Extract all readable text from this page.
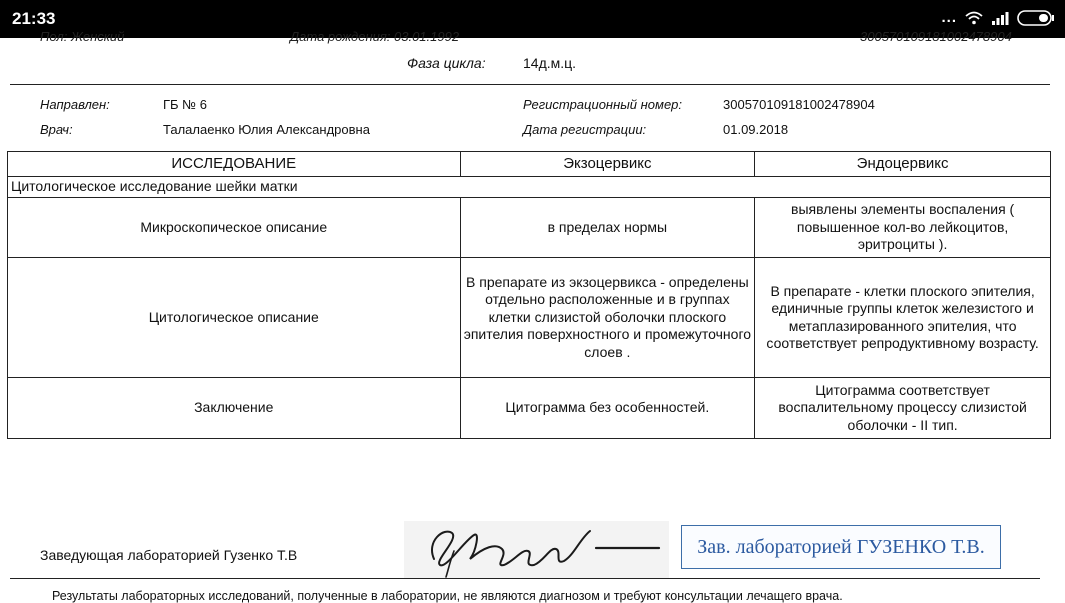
21:33	...
Пол: Женский	Дата рождения: 03.01.1992	300570109181002478904
Фаза цикла:	14д.м.ц.
Направлен:	ГБ № 6
Врач:	Талалаенко Юлия Александровна
Регистрационный номер:	300570109181002478904
Дата регистрации:	01.09.2018
ИССЛЕДОВАНИЕ	Экзоцервикс	Эндоцервикс
Цитологическое исследование шейки матки		
Микроскопическое описание	в пределах нормы	выявлены элементы воспаления ( повышенное кол-во лейкоцитов, эритроциты ).
Цитологическое описание	В препарате из экзоцервикса - определены отдельно расположенные и в группах клетки слизистой оболочки плоского эпителия поверхностного и промежуточного слоев .	В препарате - клетки плоского эпителия, единичные группы клеток железистого и метаплазированного эпителия, что соответствует репродуктивному возрасту.
Заключение	Цитограмма без особенностей.	Цитограмма соответствует воспалительному процессу слизистой оболочки - II тип.
Заведующая лабораторией Гузенко Т.В	Зав. лабораторией ГУЗЕНКО Т.В.
Результаты лабораторных исследований, полученные в лаборатории, не являются диагнозом и требуют консультации лечащего врача.
